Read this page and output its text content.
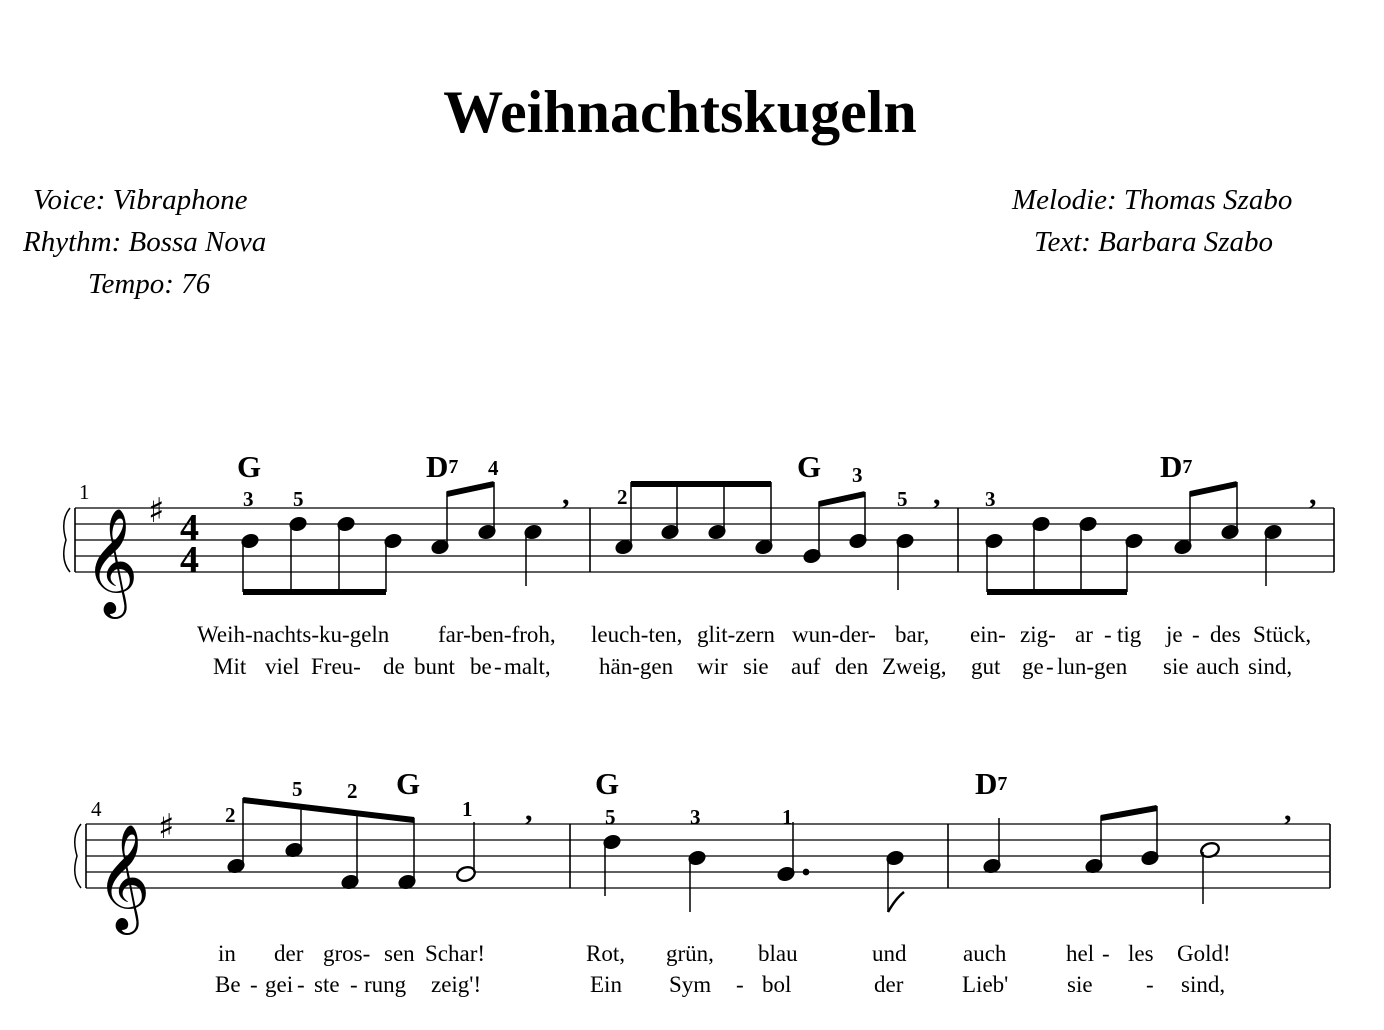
Weihnachtskugeln
Voice: Vibraphone
Rhythm: Bossa Nova
Tempo: 76
Melodie: Thomas Szabo
Text: Barbara Szabo
𝄞
𝄞
♯
♯
4
4
1
4
G	$D^7$	G	$D^7$
G	G	$D^7$
3 5
4
2
3
5	3
2
5 2
1	5	3	1
,	,	,
,	,
Weih-nachts-ku-geln far-ben-froh, leuch-ten, glit-zern wun-der- bar, ein- zig- ar - tig je - des Stück,
Mit viel Freu- de bunt be - malt, hän-gen wir sie auf den Zweig, gut ge - lun-gen sie auch sind,
in der gros- sen Schar!	Rot, grün, blau	und auch	hel - les Gold!
Be - gei - ste - rung zeig'!	Ein Sym - bol	der	Lieb'	sie - sind,
